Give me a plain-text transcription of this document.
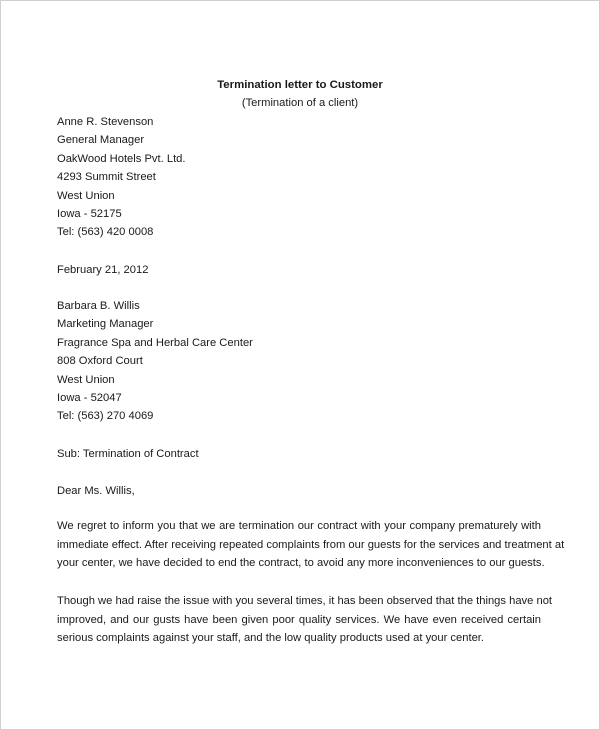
Termination letter to Customer
(Termination of a client)
Anne R. Stevenson
General Manager
OakWood Hotels Pvt. Ltd.
4293 Summit Street
West Union
Iowa - 52175
Tel: (563) 420 0008
February 21, 2012
Barbara B. Willis
Marketing Manager
Fragrance Spa and Herbal Care Center
808 Oxford Court
West Union
Iowa - 52047
Tel: (563) 270 4069
Sub: Termination of Contract
Dear Ms. Willis,
We regret to inform you that we are termination our contract with your company prematurely with
immediate effect. After receiving repeated complaints from our guests for the services and treatment at
your center, we have decided to end the contract, to avoid any more inconveniences to our guests.
Though we had raise the issue with you several times, it has been observed that the things have not
improved, and our gusts have been given poor quality services. We have even received certain
serious complaints against your staff, and the low quality products used at your center.
